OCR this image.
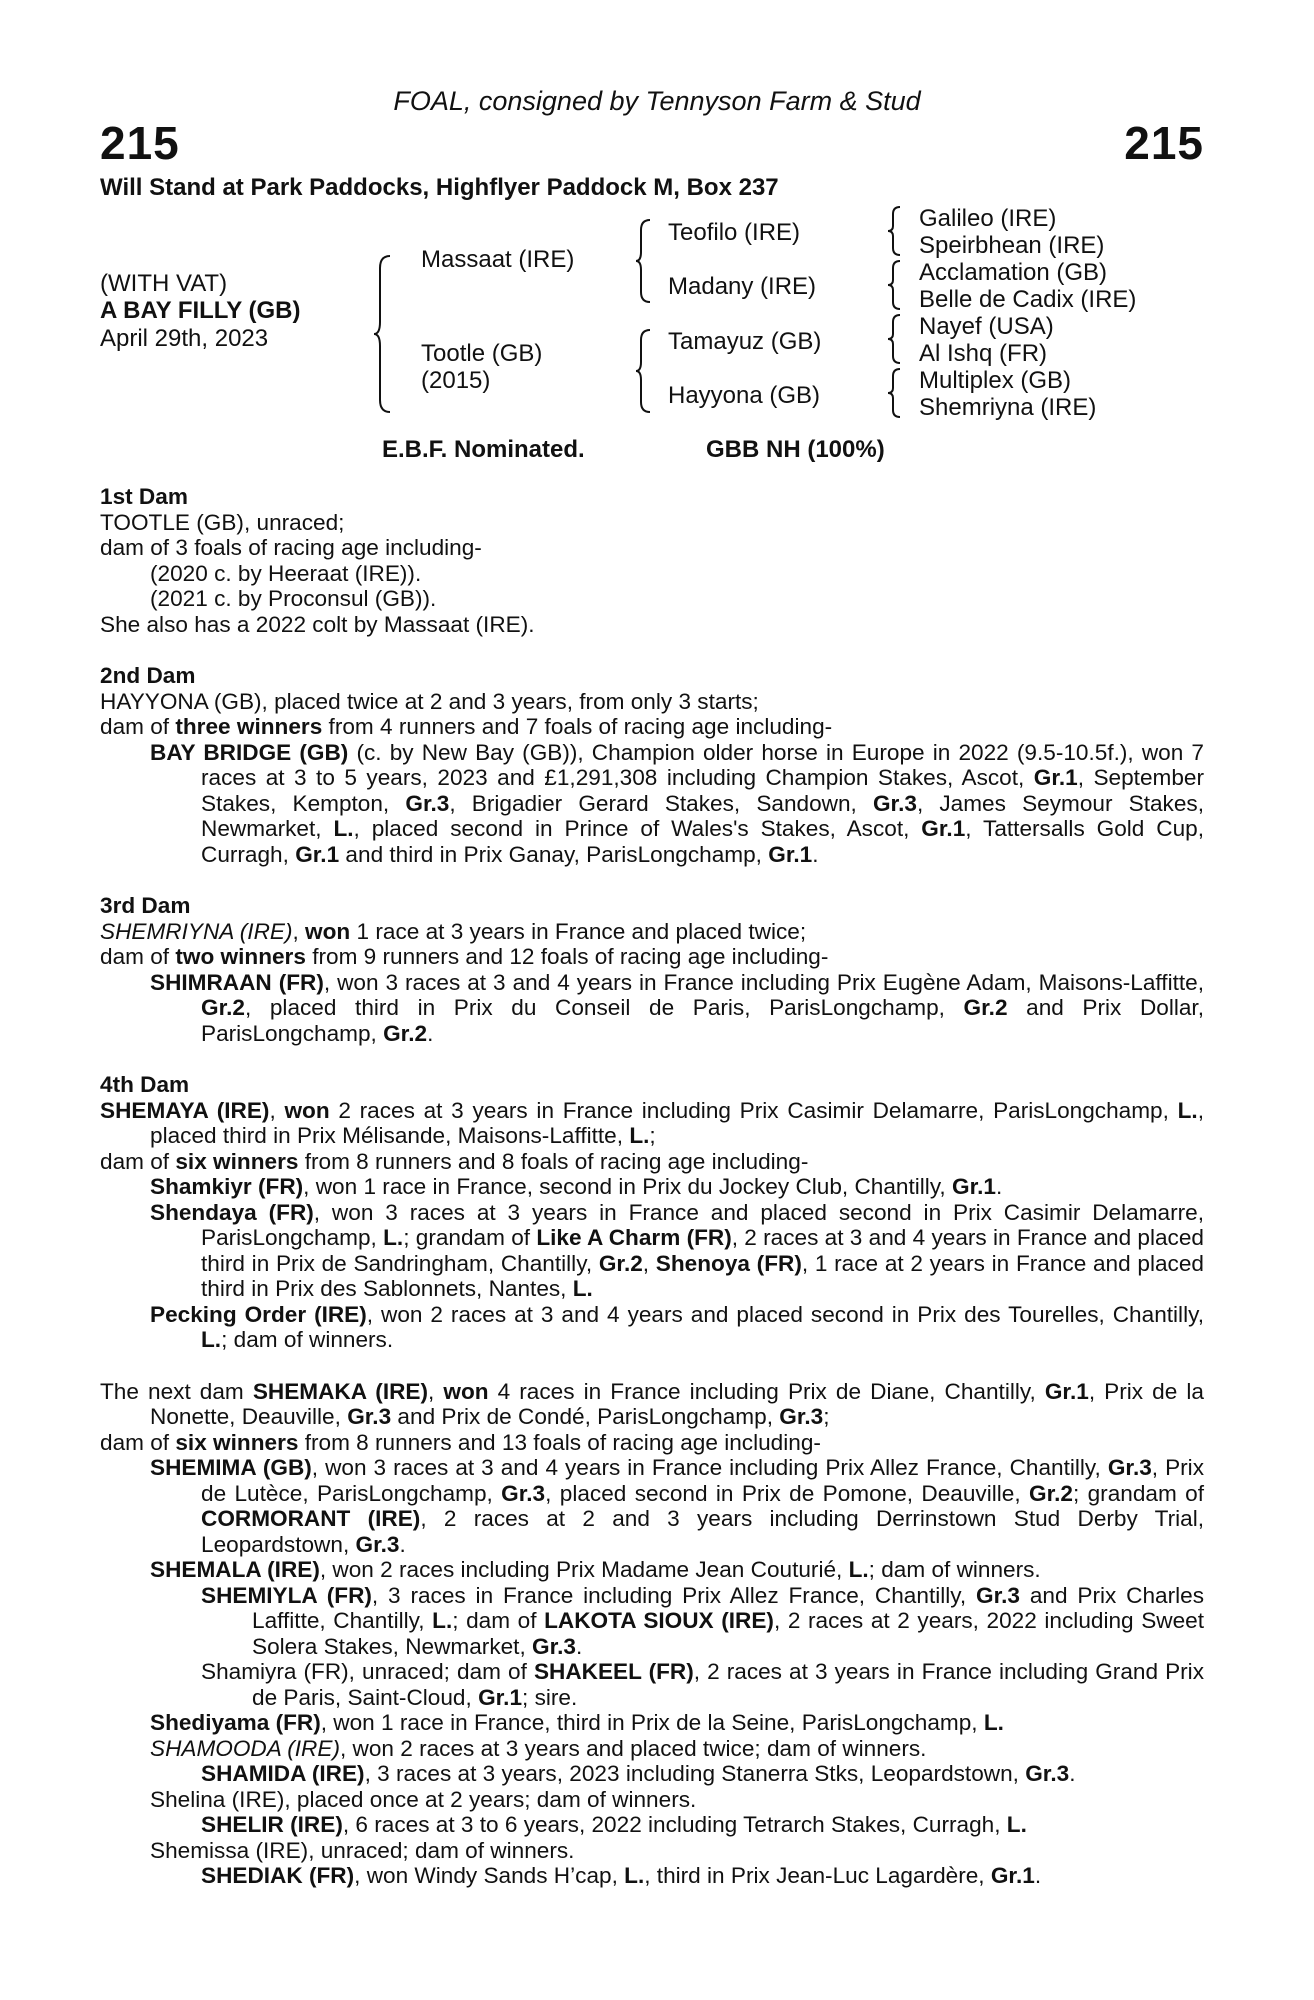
FOAL, consigned by Tennyson Farm & Stud
215	215
Will Stand at Park Paddocks, Highflyer Paddock M, Box 237
(WITH VAT)
A BAY FILLY (GB)
April 29th, 2023
Massaat (IRE)
Tootle (GB)
(2015)
Teofilo (IRE)
Madany (IRE)
Tamayuz (GB)
Hayyona (GB)
Galileo (IRE)
Speirbhean (IRE)
Acclamation (GB)
Belle de Cadix (IRE)
Nayef (USA)
Al Ishq (FR)
Multiplex (GB)
Shemriyna (IRE)
E.B.F. Nominated.	GBB NH (100%)
1st Dam
TOOTLE (GB), unraced;
dam of 3 foals of racing age including-
(2020 c. by Heeraat (IRE)).
(2021 c. by Proconsul (GB)).
She also has a 2022 colt by Massaat (IRE).
2nd Dam
HAYYONA (GB), placed twice at 2 and 3 years, from only 3 starts;
dam of three winners from 4 runners and 7 foals of racing age including-
BAY BRIDGE (GB) (c. by New Bay (GB)), Champion older horse in Europe in 2022 (9.5-10.5f.), won 7 races at 3 to 5 years, 2023 and £1,291,308 including Champion Stakes, Ascot, Gr.1, September Stakes, Kempton, Gr.3, Brigadier Gerard Stakes, Sandown, Gr.3, James Seymour Stakes, Newmarket, L., placed second in Prince of Wales's Stakes, Ascot, Gr.1, Tattersalls Gold Cup, Curragh, Gr.1 and third in Prix Ganay, ParisLongchamp, Gr.1.
3rd Dam
SHEMRIYNA (IRE), won 1 race at 3 years in France and placed twice;
dam of two winners from 9 runners and 12 foals of racing age including-
SHIMRAAN (FR), won 3 races at 3 and 4 years in France including Prix Eugène Adam, Maisons-Laffitte, Gr.2, placed third in Prix du Conseil de Paris, ParisLongchamp, Gr.2 and Prix Dollar, ParisLongchamp, Gr.2.
4th Dam
SHEMAYA (IRE), won 2 races at 3 years in France including Prix Casimir Delamarre, ParisLongchamp, L., placed third in Prix Mélisande, Maisons-Laffitte, L.;
dam of six winners from 8 runners and 8 foals of racing age including-
Shamkiyr (FR), won 1 race in France, second in Prix du Jockey Club, Chantilly, Gr.1.
Shendaya (FR), won 3 races at 3 years in France and placed second in Prix Casimir Delamarre, ParisLongchamp, L.; grandam of Like A Charm (FR), 2 races at 3 and 4 years in France and placed third in Prix de Sandringham, Chantilly, Gr.2, Shenoya (FR), 1 race at 2 years in France and placed third in Prix des Sablonnets, Nantes, L.
Pecking Order (IRE), won 2 races at 3 and 4 years and placed second in Prix des Tourelles, Chantilly, L.; dam of winners.
The next dam SHEMAKA (IRE), won 4 races in France including Prix de Diane, Chantilly, Gr.1, Prix de la Nonette, Deauville, Gr.3 and Prix de Condé, ParisLongchamp, Gr.3;
dam of six winners from 8 runners and 13 foals of racing age including-
SHEMIMA (GB), won 3 races at 3 and 4 years in France including Prix Allez France, Chantilly, Gr.3, Prix de Lutèce, ParisLongchamp, Gr.3, placed second in Prix de Pomone, Deauville, Gr.2; grandam of CORMORANT (IRE), 2 races at 2 and 3 years including Derrinstown Stud Derby Trial, Leopardstown, Gr.3.
SHEMALA (IRE), won 2 races including Prix Madame Jean Couturié, L.; dam of winners.
SHEMIYLA (FR), 3 races in France including Prix Allez France, Chantilly, Gr.3 and Prix Charles Laffitte, Chantilly, L.; dam of LAKOTA SIOUX (IRE), 2 races at 2 years, 2022 including Sweet Solera Stakes, Newmarket, Gr.3.
Shamiyra (FR), unraced; dam of SHAKEEL (FR), 2 races at 3 years in France including Grand Prix de Paris, Saint-Cloud, Gr.1; sire.
Shediyama (FR), won 1 race in France, third in Prix de la Seine, ParisLongchamp, L.
SHAMOODA (IRE), won 2 races at 3 years and placed twice; dam of winners.
SHAMIDA (IRE), 3 races at 3 years, 2023 including Stanerra Stks, Leopardstown, Gr.3.
Shelina (IRE), placed once at 2 years; dam of winners.
SHELIR (IRE), 6 races at 3 to 6 years, 2022 including Tetrarch Stakes, Curragh, L.
Shemissa (IRE), unraced; dam of winners.
SHEDIAK (FR), won Windy Sands H’cap, L., third in Prix Jean-Luc Lagardère, Gr.1.
